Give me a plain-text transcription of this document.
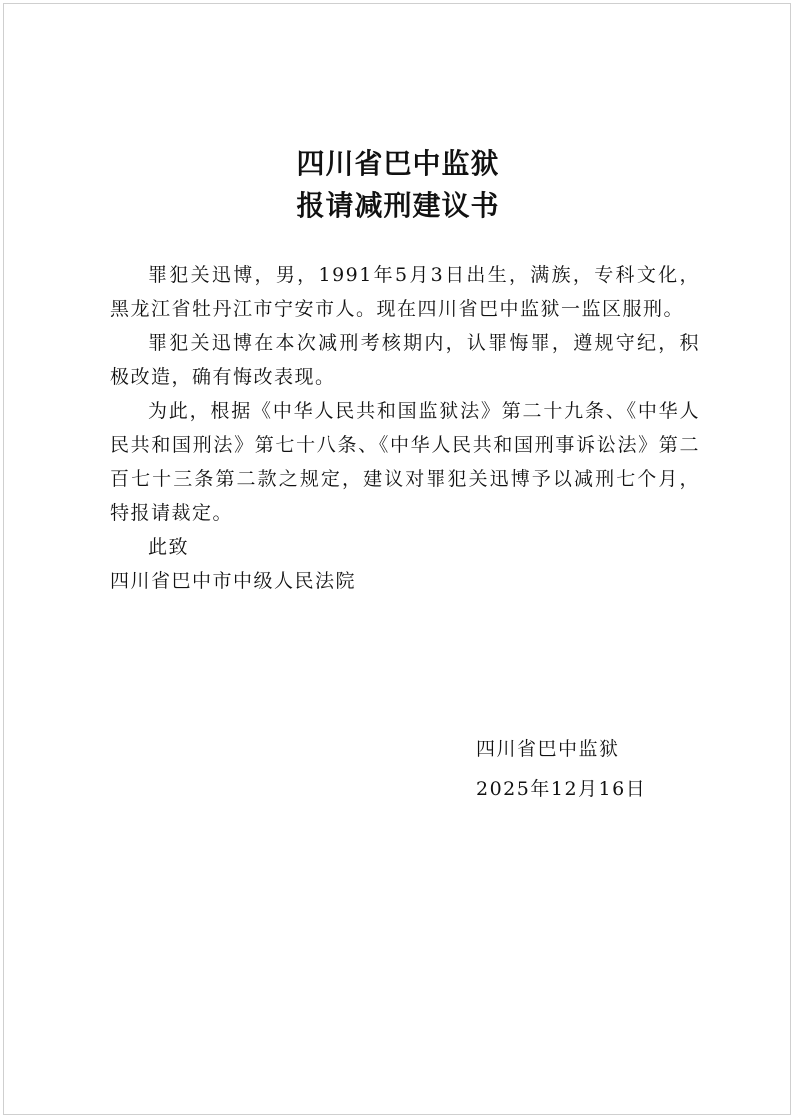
四川省巴中监狱
报请减刑建议书

罪犯关迅博，男，1991年5月3日出生，满族，专科文化，黑龙江省牡丹江市宁安市人。现在四川省巴中监狱一监区服刑。

罪犯关迅博在本次减刑考核期内，认罪悔罪，遵规守纪，积极改造，确有悔改表现。

为此，根据《中华人民共和国监狱法》第二十九条、《中华人民共和国刑法》第七十八条、《中华人民共和国刑事诉讼法》第二百七十三条第二款之规定，建议对罪犯关迅博予以减刑七个月，特报请裁定。

此致

四川省巴中市中级人民法院

四川省巴中监狱
2025年12月16日
